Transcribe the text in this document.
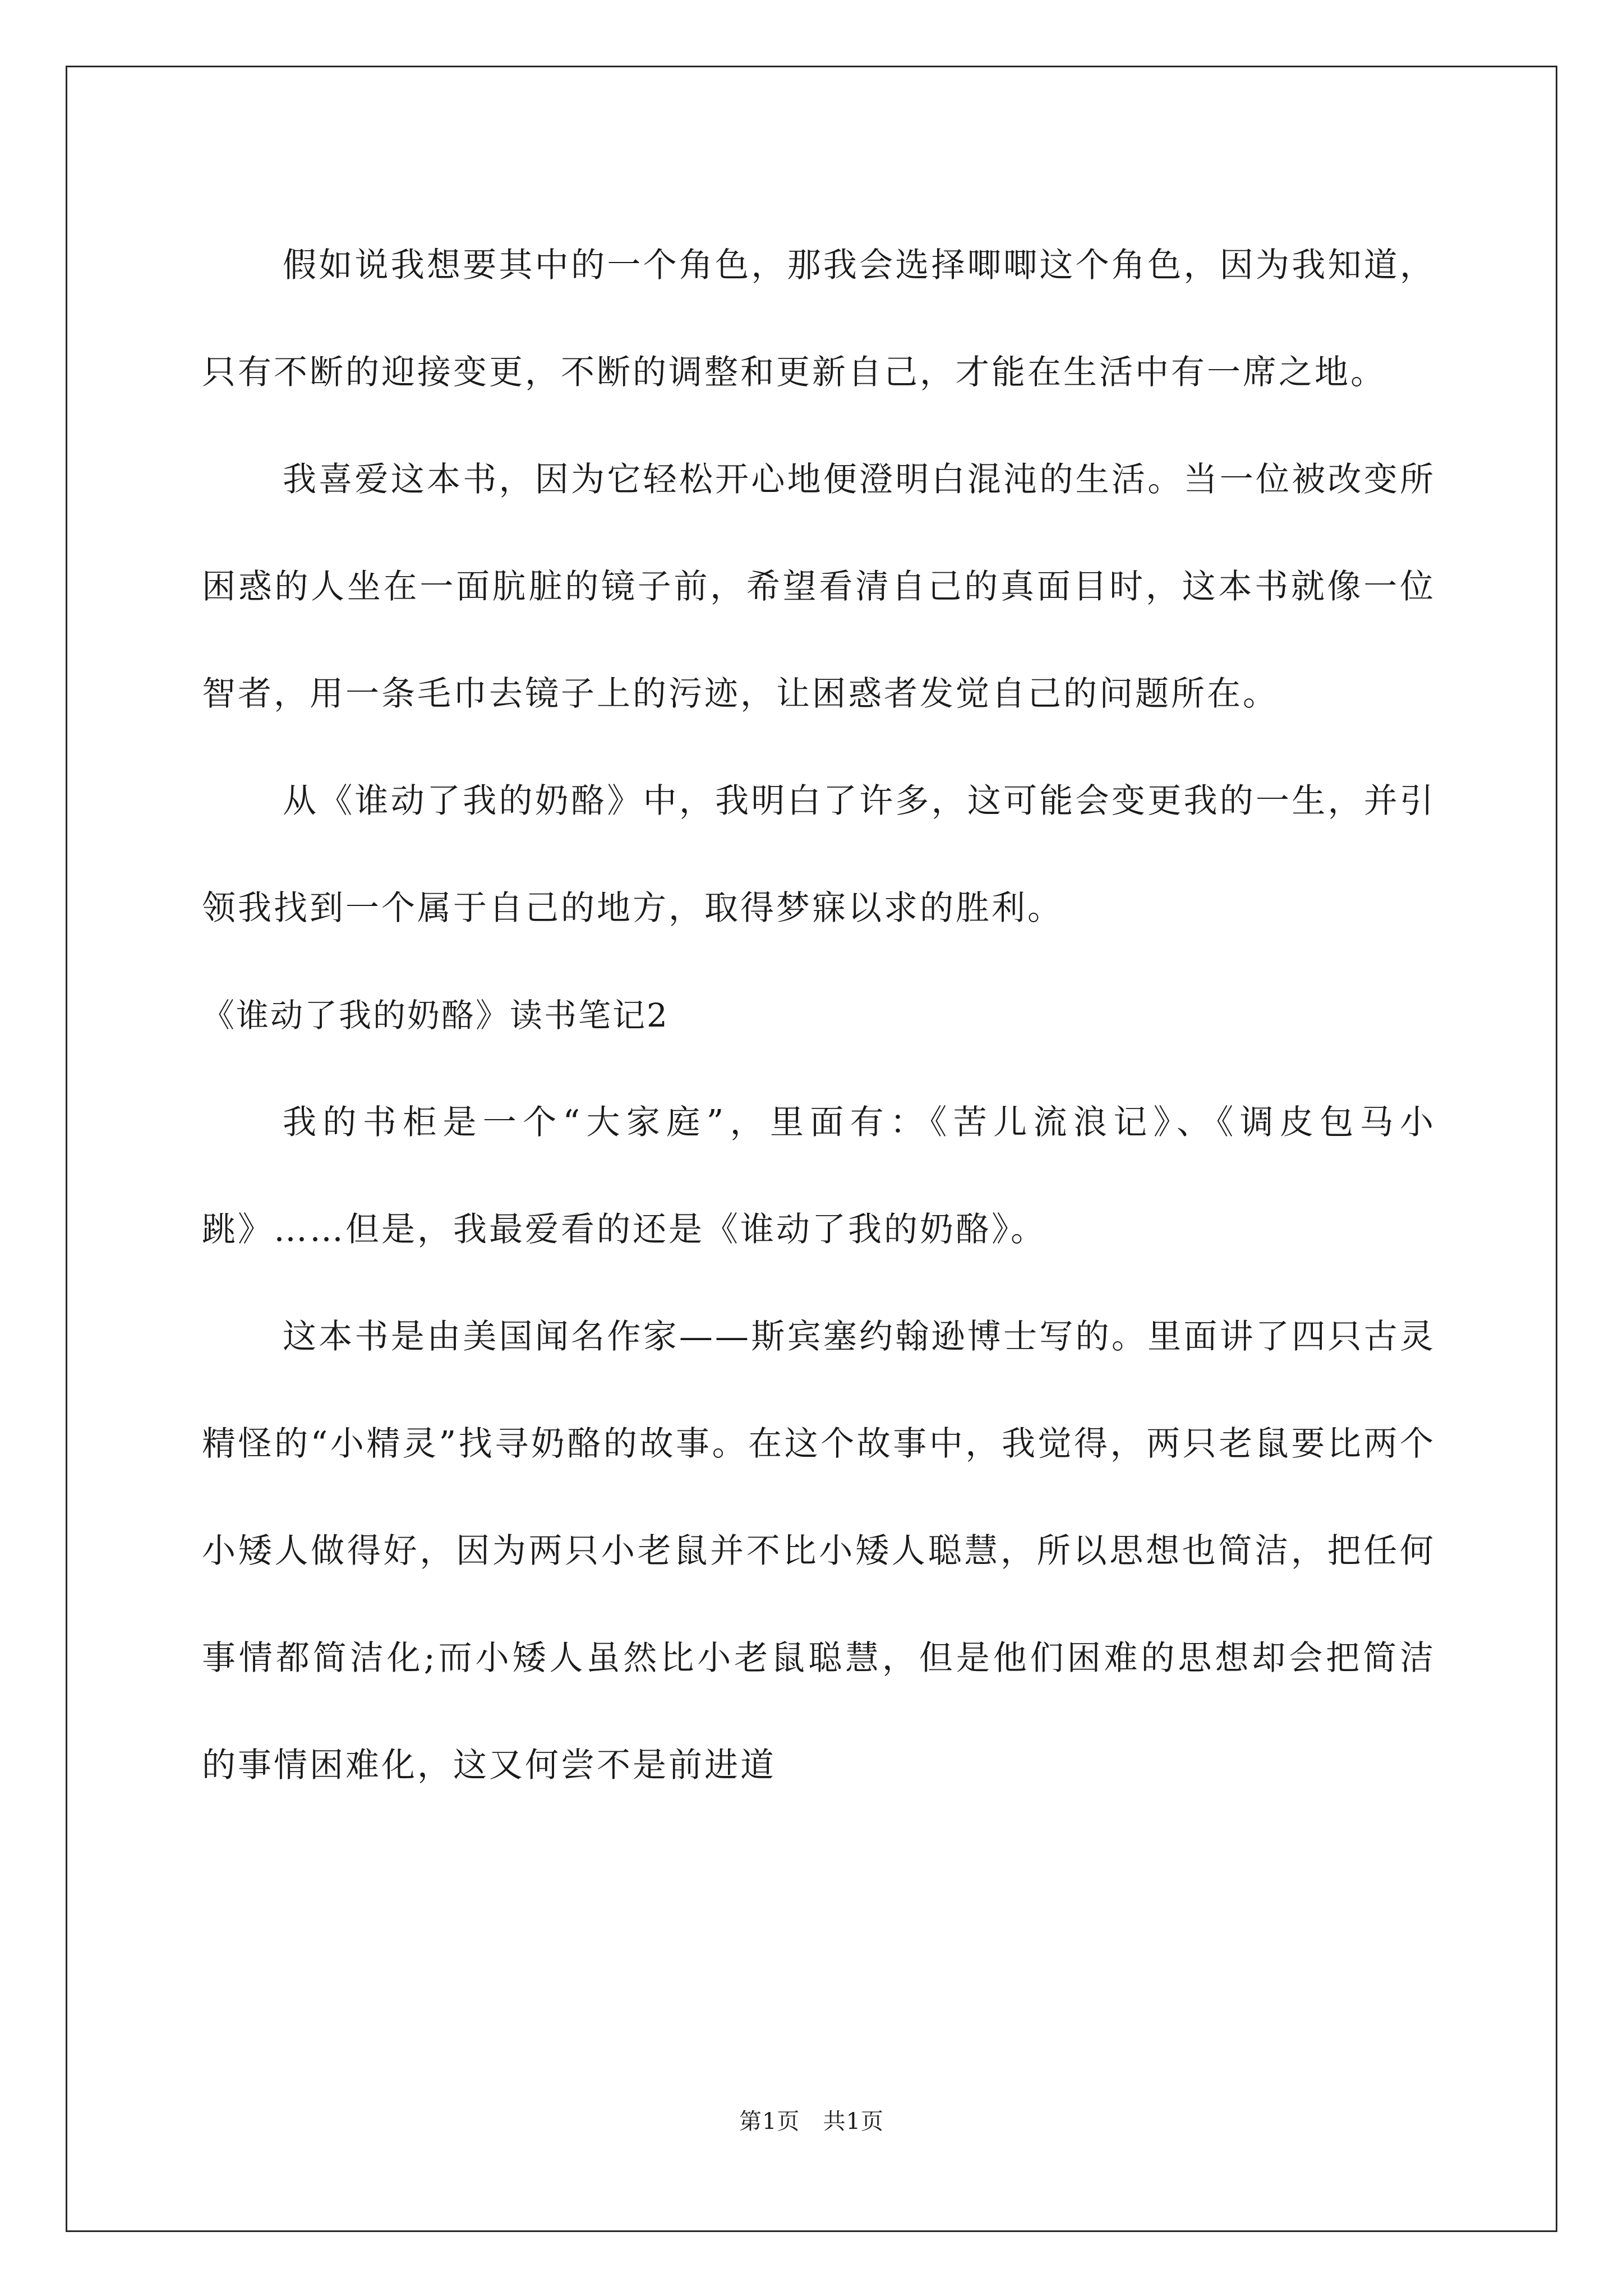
假如说我想要其中的一个角色，那我会选择唧唧这个角色，因为我知道，只有不断的迎接变更，不断的调整和更新自己，才能在生活中有一席之地。

我喜爱这本书，因为它轻松开心地便澄明白混沌的生活。当一位被改变所困惑的人坐在一面肮脏的镜子前，希望看清自己的真面目时，这本书就像一位智者，用一条毛巾去镜子上的污迹，让困惑者发觉自己的问题所在。

从《谁动了我的奶酪》中，我明白了许多，这可能会变更我的一生，并引领我找到一个属于自己的地方，取得梦寐以求的胜利。

《谁动了我的奶酪》读书笔记2

我的书柜是一个“大家庭”，里面有：《苦儿流浪记》、《调皮包马小跳》……但是，我最爱看的还是《谁动了我的奶酪》。

这本书是由美国闻名作家——斯宾塞约翰逊博士写的。里面讲了四只古灵精怪的“小精灵”找寻奶酪的故事。在这个故事中，我觉得，两只老鼠要比两个小矮人做得好，因为两只小老鼠并不比小矮人聪慧，所以思想也简洁，把任何事情都简洁化;而小矮人虽然比小老鼠聪慧，但是他们困难的思想却会把简洁的事情困难化，这又何尝不是前进道

第1页 共1页
